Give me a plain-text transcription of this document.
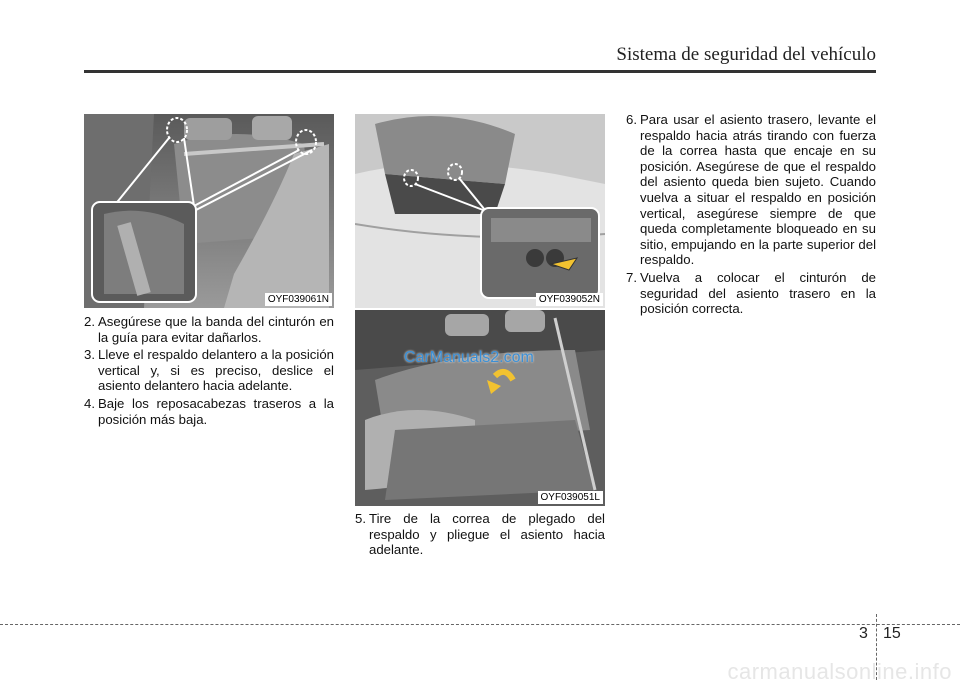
Sistema de seguridad del vehículo
OYF039061N	OYF039052N
OYF039051L
CarManuals2.com
2. Asegúrese que la banda del cinturón en la guía para evitar dañarlos.
3. Lleve el respaldo delantero a la posición vertical y, si es preciso, deslice el asiento delantero hacia adelante.
4. Baje los reposacabezas traseros a la posición más baja.
5. Tire de la correa de plegado del respaldo y pliegue el asiento hacia adelante.
6. Para usar el asiento trasero, levante el respaldo hacia atrás tirando con fuerza de la correa hasta que encaje en su posición. Asegúrese de que el respaldo del asiento queda bien sujeto. Cuando vuelva a situar el respaldo en posición vertical, asegúrese siempre de que queda completamente bloqueado en su sitio, empujando en la parte superior del respaldo.
7. Vuelva a colocar el cinturón de seguridad del asiento trasero en la posición correcta.
3 15
carmanualsonline.info
